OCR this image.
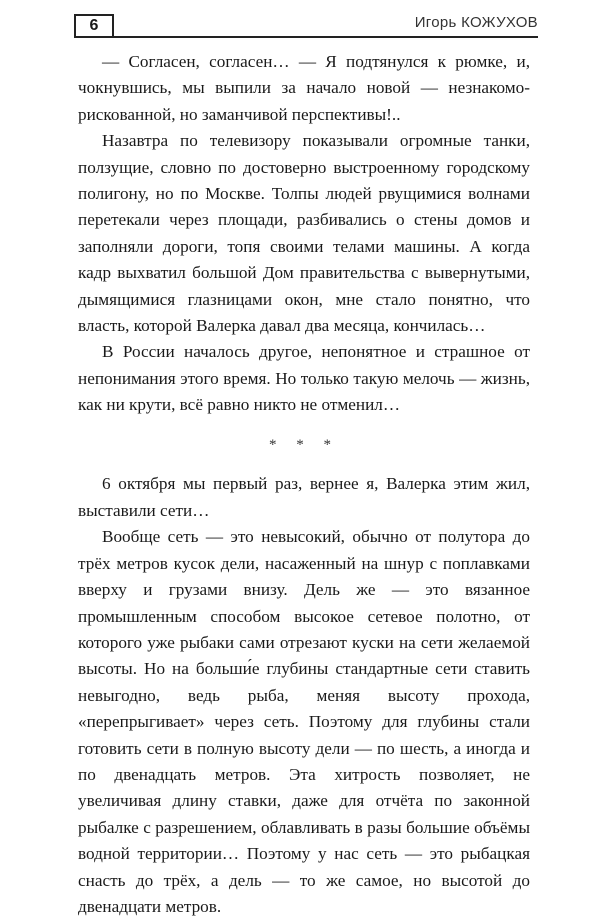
6	Игорь КОЖУХОВ

— Согласен, согласен… — Я подтянулся к рюмке, и, чокнувшись, мы выпили за начало новой — незнакомо-рискованной, но заманчивой перспективы!..

Назавтра по телевизору показывали огромные танки, ползущие, словно по достоверно выстроенному городскому полигону, но по Москве. Толпы людей рвущимися волнами перетекали через площади, разбивались о стены домов и заполняли дороги, топя своими телами машины. А когда кадр выхватил большой Дом правительства с вывернутыми, дымящимися глазницами окон, мне стало понятно, что власть, которой Валерка давал два месяца, кончилась…

В России началось другое, непонятное и страшное от непонимания этого время. Но только такую мелочь — жизнь, как ни крути, всё равно никто не отменил…

* * *

6 октября мы первый раз, вернее я, Валерка этим жил, выставили сети…

Вообще сеть — это невысокий, обычно от полутора до трёх метров кусок дели, насаженный на шнур с поплавками вверху и грузами внизу. Дель же — это вязанное промышленным способом высокое сетевое полотно, от которого уже рыбаки сами отрезают куски на сети желаемой высоты. Но на больши́е глубины стандартные сети ставить невыгодно, ведь рыба, меняя высоту прохода, «перепрыгивает» через сеть. Поэтому для глубины стали готовить сети в полную высоту дели — по шесть, а иногда и по двенадцать метров. Эта хитрость позволяет, не увеличивая длину ставки, даже для отчёта по законной рыбалке с разрешением, облавливать в разы большие объёмы водной территории… Поэтому у нас сеть — это рыбацкая снасть до трёх, а дель — то же самое, но высотой до двенадцати метров.
